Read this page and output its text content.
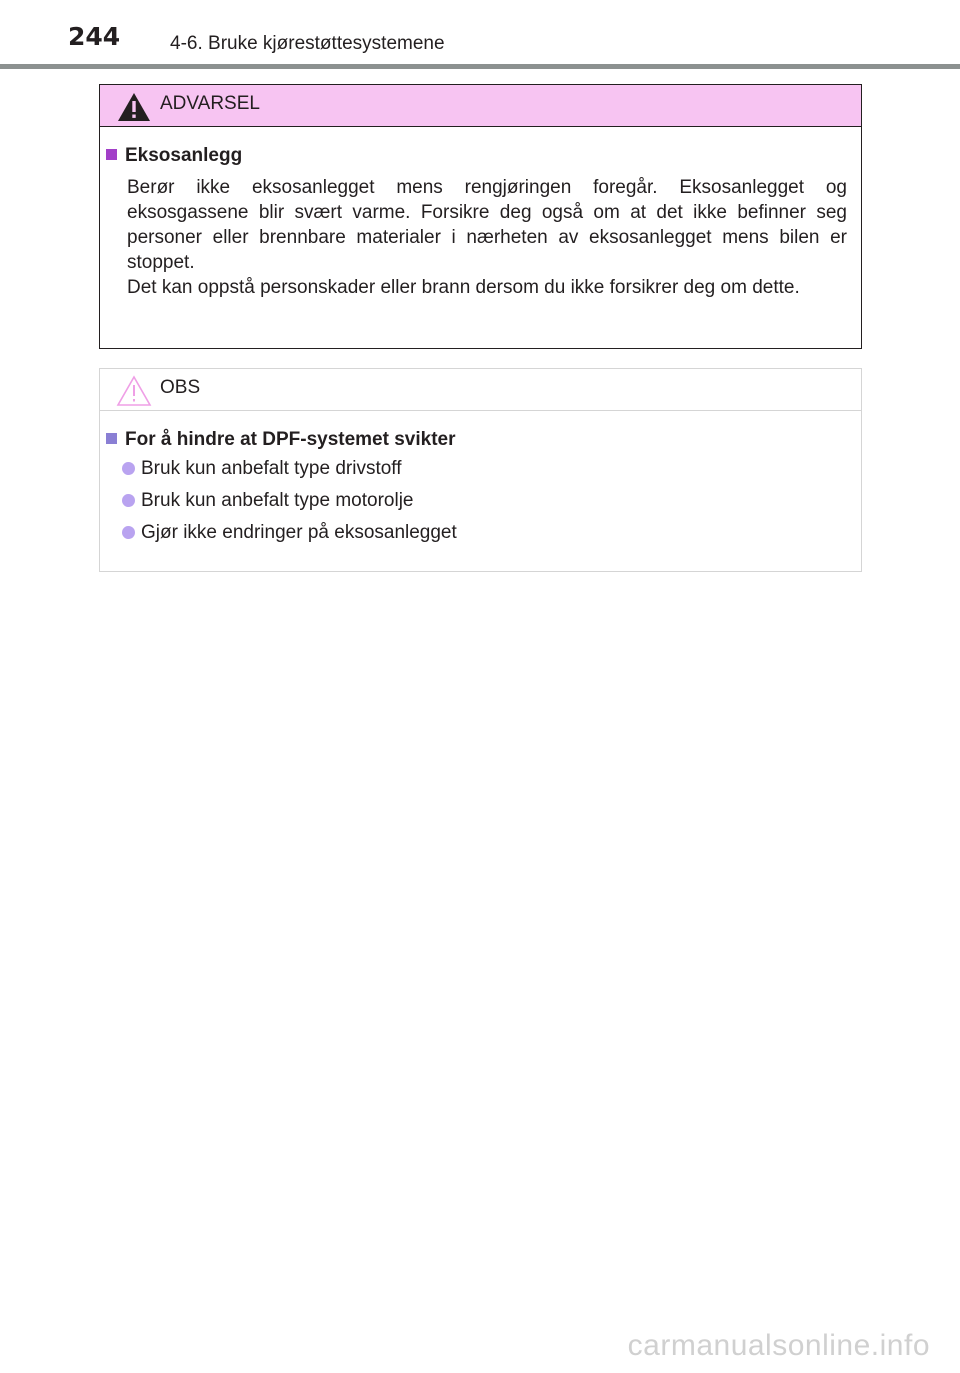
244	4-6. Bruke kjørestøttesystemene
ADVARSEL
Eksosanlegg
Berør ikke eksosanlegget mens rengjøringen foregår. Eksosanlegget og eksosgassene blir svært varme. Forsikre deg også om at det ikke befinner seg personer eller brennbare materialer i nærheten av eksosanlegget mens bilen er stoppet.
Det kan oppstå personskader eller brann dersom du ikke forsikrer deg om dette.
OBS
For å hindre at DPF-systemet svikter
Bruk kun anbefalt type drivstoff
Bruk kun anbefalt type motorolje
Gjør ikke endringer på eksosanlegget
carmanualsonline.info
